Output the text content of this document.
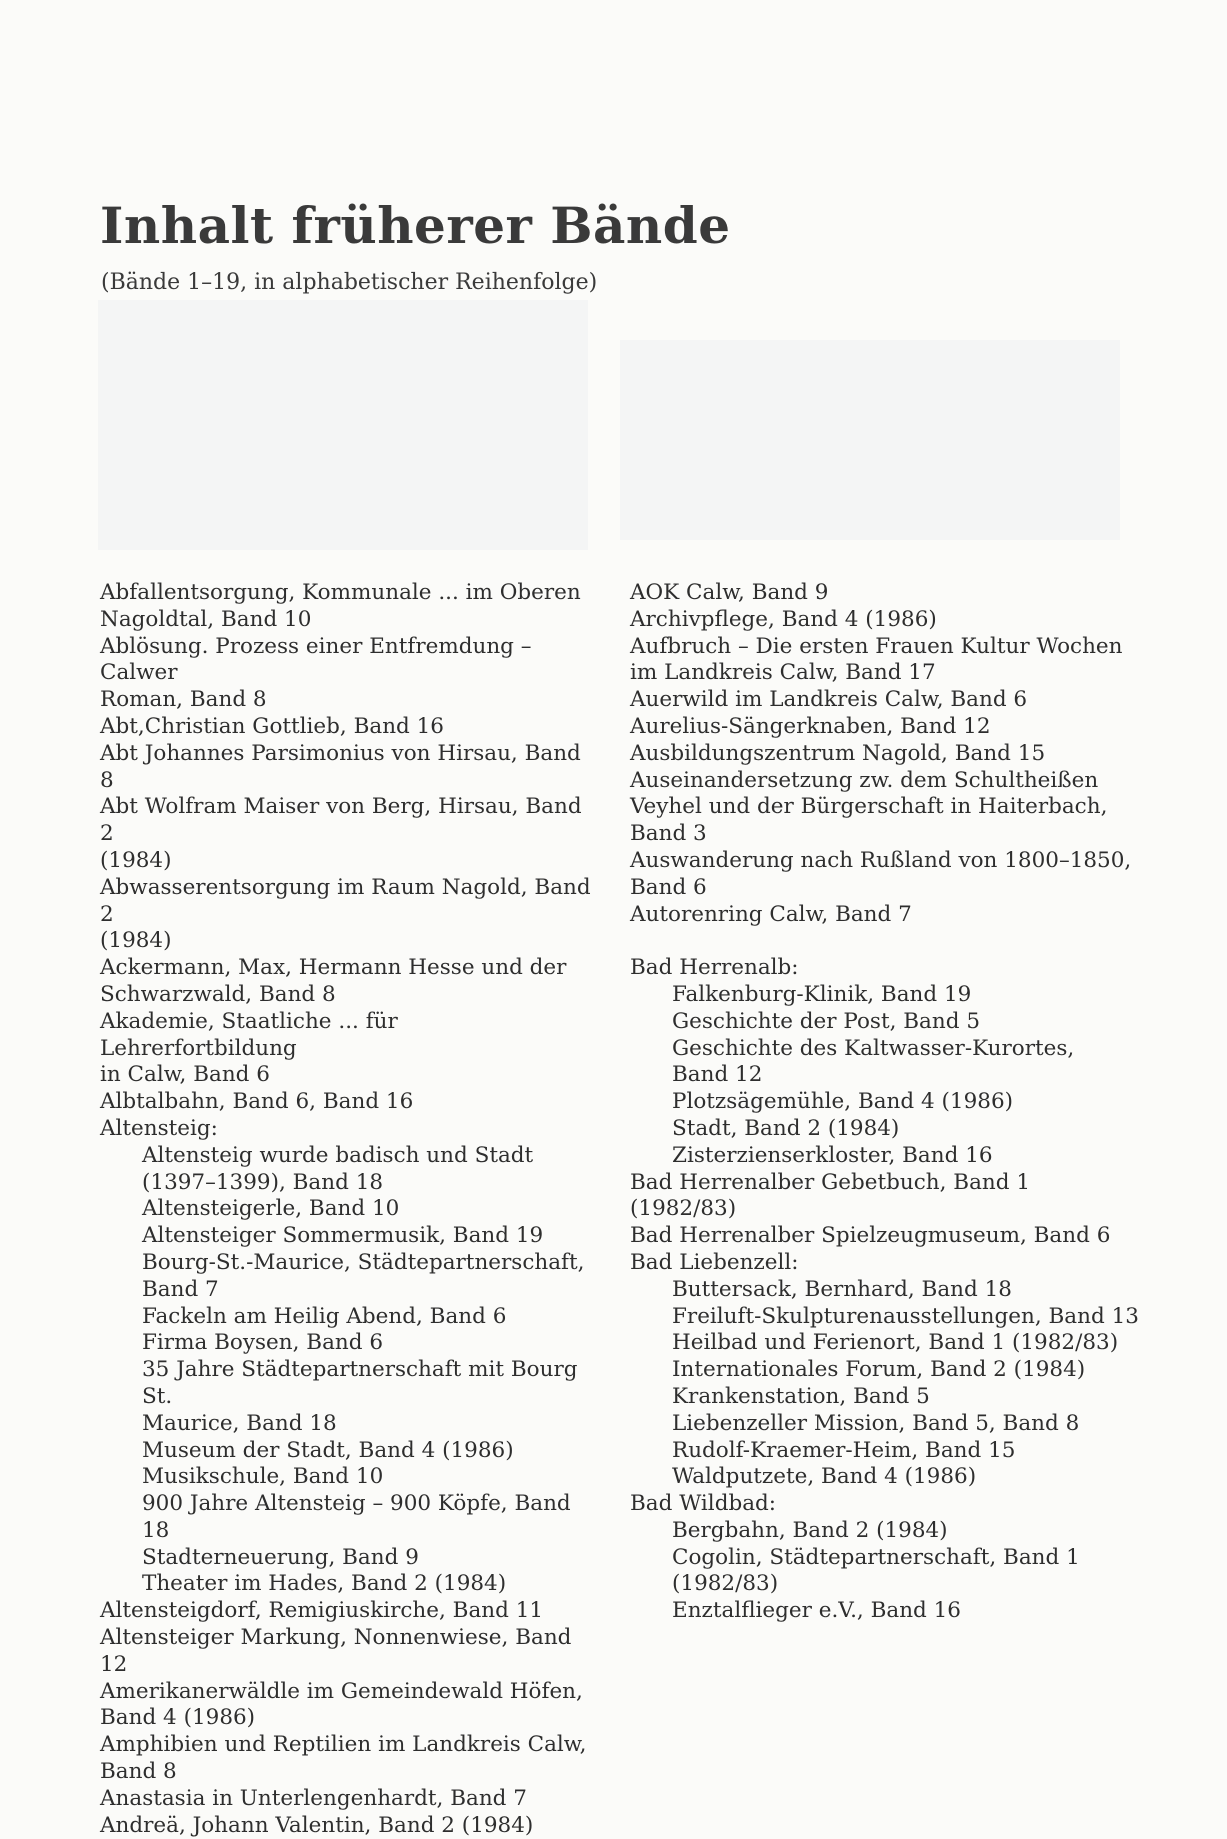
Inhalt früherer Bände

(Bände 1–19, in alphabetischer Reihenfolge)

Abfallentsorgung, Kommunale ... im Oberen
Nagoldtal, Band 10
Ablösung. Prozess einer Entfremdung – Calwer
Roman, Band 8
Abt,Christian Gottlieb, Band 16
Abt Johannes Parsimonius von Hirsau, Band 8
Abt Wolfram Maiser von Berg, Hirsau, Band 2
(1984)
Abwasserentsorgung im Raum Nagold, Band 2
(1984)
Ackermann, Max, Hermann Hesse und der
Schwarzwald, Band 8
Akademie, Staatliche ... für Lehrerfortbildung
in Calw, Band 6
Albtalbahn, Band 6, Band 16
Altensteig:
Altensteig wurde badisch und Stadt
(1397–1399), Band 18
Altensteigerle, Band 10
Altensteiger Sommermusik, Band 19
Bourg-St.-Maurice, Städtepartnerschaft,
Band 7
Fackeln am Heilig Abend, Band 6
Firma Boysen, Band 6
35 Jahre Städtepartnerschaft mit Bourg St.
Maurice, Band 18
Museum der Stadt, Band 4 (1986)
Musikschule, Band 10
900 Jahre Altensteig – 900 Köpfe, Band 18
Stadterneuerung, Band 9
Theater im Hades, Band 2 (1984)
Altensteigdorf, Remigiuskirche, Band 11
Altensteiger Markung, Nonnenwiese, Band 12
Amerikanerwäldle im Gemeindewald Höfen,
Band 4 (1986)
Amphibien und Reptilien im Landkreis Calw,
Band 8
Anastasia in Unterlengenhardt, Band 7
Andreä, Johann Valentin, Band 2 (1984)
AOK Calw, Band 9
Archivpflege, Band 4 (1986)
Aufbruch – Die ersten Frauen Kultur Wochen
im Landkreis Calw, Band 17
Auerwild im Landkreis Calw, Band 6
Aurelius-Sängerknaben, Band 12
Ausbildungszentrum Nagold, Band 15
Auseinandersetzung zw. dem Schultheißen
Veyhel und der Bürgerschaft in Haiterbach,
Band 3
Auswanderung nach Rußland von 1800–1850,
Band 6
Autorenring Calw, Band 7
Bad Herrenalb:
Falkenburg-Klinik, Band 19
Geschichte der Post, Band 5
Geschichte des Kaltwasser-Kurortes,
Band 12
Plotzsägemühle, Band 4 (1986)
Stadt, Band 2 (1984)
Zisterzienserkloster, Band 16
Bad Herrenalber Gebetbuch, Band 1
(1982/83)
Bad Herrenalber Spielzeugmuseum, Band 6
Bad Liebenzell:
Buttersack, Bernhard, Band 18
Freiluft-Skulpturenausstellungen, Band 13
Heilbad und Ferienort, Band 1 (1982/83)
Internationales Forum, Band 2 (1984)
Krankenstation, Band 5
Liebenzeller Mission, Band 5, Band 8
Rudolf-Kraemer-Heim, Band 15
Waldputzete, Band 4 (1986)
Bad Wildbad:
Bergbahn, Band 2 (1984)
Cogolin, Städtepartnerschaft, Band 1
(1982/83)
Enztalflieger e.V., Band 16
